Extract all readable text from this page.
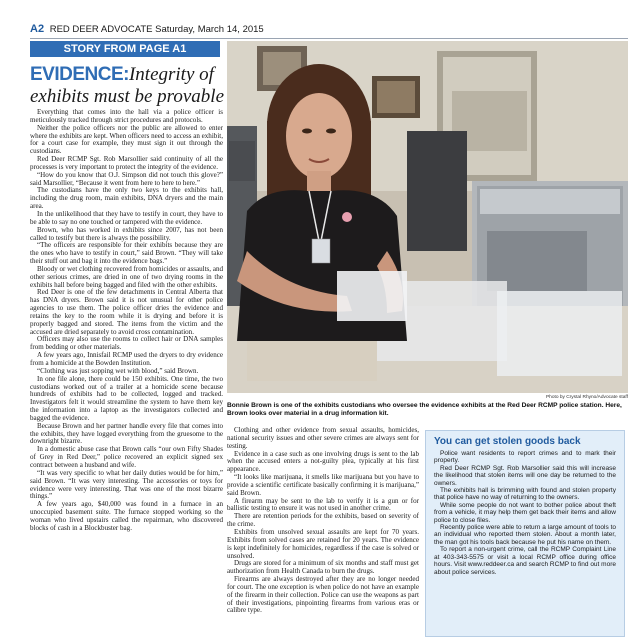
A2 RED DEER ADVOCATE Saturday, March 14, 2015
STORY FROM PAGE A1
EVIDENCE:Integrity of exhibits must be provable

Everything that comes into the hall via a police officer is meticulously tracked through strict procedures and protocols.

Neither the police officers nor the public are allowed to enter where the exhibits are kept. When officers need to access an exhibit, for a court case for example, they must sign it out through the custodians.

Red Deer RCMP Sgt. Rob Marsollier said continuity of all the processes is very important to protect the integrity of the evidence.

“How do you know that O.J. Simpson did not touch this glove?” said Marsollier, “Because it went from here to here to here.”

The custodians have the only two keys to the exhibits hall, including the drug room, main exhibits, DNA dryers and the main area.

In the unlikelihood that they have to testify in court, they have to be able to say no one touched or tampered with the evidence.

Brown, who has worked in exhibits since 2007, has not been called to testify but there is always the possibility.

“The officers are responsible for their exhibits because they are the ones who have to testify in court,” said Brown. “They will take their stuff out and bag it into the evidence bags.”

Bloody or wet clothing recovered from homicides or assaults, and other serious crimes, are dried in one of two drying rooms in the exhibits hall before being bagged and filed with the other exhibits.

Red Deer is one of the few detachments in Central Alberta that has DNA dryers. Brown said it is not unusual for other police agencies to use them. The police officer dries the evidence and retains the key to the room while it is drying and before it is properly bagged and stored. The items from the victim and the accused are dried separately to avoid cross contamination.

Officers may also use the rooms to collect hair or DNA samples from bedding or other materials.

A few years ago, Innisfail RCMP used the dryers to dry evidence from a homicide at the Bowden Institution.

“Clothing was just sopping wet with blood,” said Brown.

In one file alone, there could be 150 exhibits. One time, the two custodians worked out of a trailer at a homicide scene because hundreds of exhibits had to be collected, logged and tracked. Investigators felt it would streamline the system to have them key the information into a laptop as the investigators collected and bagged the evidence.

Because Brown and her partner handle every file that comes into the exhibits, they have logged everything from the gruesome to the downright bizarre.

In a domestic abuse case that Brown calls “our own Fifty Shades of Grey in Red Deer,” police recovered an explicit signed sex contract between a husband and wife.

“It was very specific to what her daily duties would be for him,” said Brown. “It was very interesting. The accessories or toys for evidence were very interesting. That was one of the most bizarre things.”

A few years ago, $40,000 was found in a furnace in an unoccupied basement suite. The furnace stopped working so the woman who lived upstairs called the repairman, who discovered blocks of cash in a Blockbuster bag.

Photo by Crystal Rhyno/Advocate staff
Bonnie Brown is one of the exhibits custodians who oversee the evidence exhibits at the Red Deer RCMP police station. Here, Brown looks over material in a drug information kit.

Clothing and other evidence from sexual assaults, homicides, national security issues and other severe crimes are always sent for testing.

Evidence in a case such as one involving drugs is sent to the lab when the accused enters a not-guilty plea, typically at his first appearance.

“It looks like marijuana, it smells like marijuana but you have to provide a scientific certificate basically confirming it is marijuana,” said Brown.

A firearm may be sent to the lab to verify it is a gun or for ballistic testing to ensure it was not used in another crime.

There are retention periods for the exhibits, based on severity of the crime.

Exhibits from unsolved sexual assaults are kept for 70 years. Exhibits from solved cases are retained for 20 years. The evidence is kept indefinitely for homicides, regardless if the case is solved or unsolved.

Drugs are stored for a minimum of six months and staff must get authorization from Health Canada to burn the drugs.

Firearms are always destroyed after they are no longer needed for court. The one exception is when police do not have an example of the firearm in their collection. Police can use the weapons as part of their investigations, pinpointing firearms from various eras or calibre type.

You can get stolen goods back

Police want residents to report crimes and to mark their property.

Red Deer RCMP Sgt. Rob Marsollier said this will increase the likelihood that stolen items will one day be returned to the owners.

The exhibits hall is brimming with found and stolen property that police have no way of returning to the owners.

While some people do not want to bother police about theft from a vehicle, it may help them get back their items and allow police to close files.

Recently police were able to return a large amount of tools to an individual who reported them stolen. About a month later, the man got his tools back because he put his name on them.

To report a non-urgent crime, call the RCMP Complaint Line at 403-343-5575 or visit a local RCMP office during office hours. Visit www.reddeer.ca and search RCMP to find out more about police services.
